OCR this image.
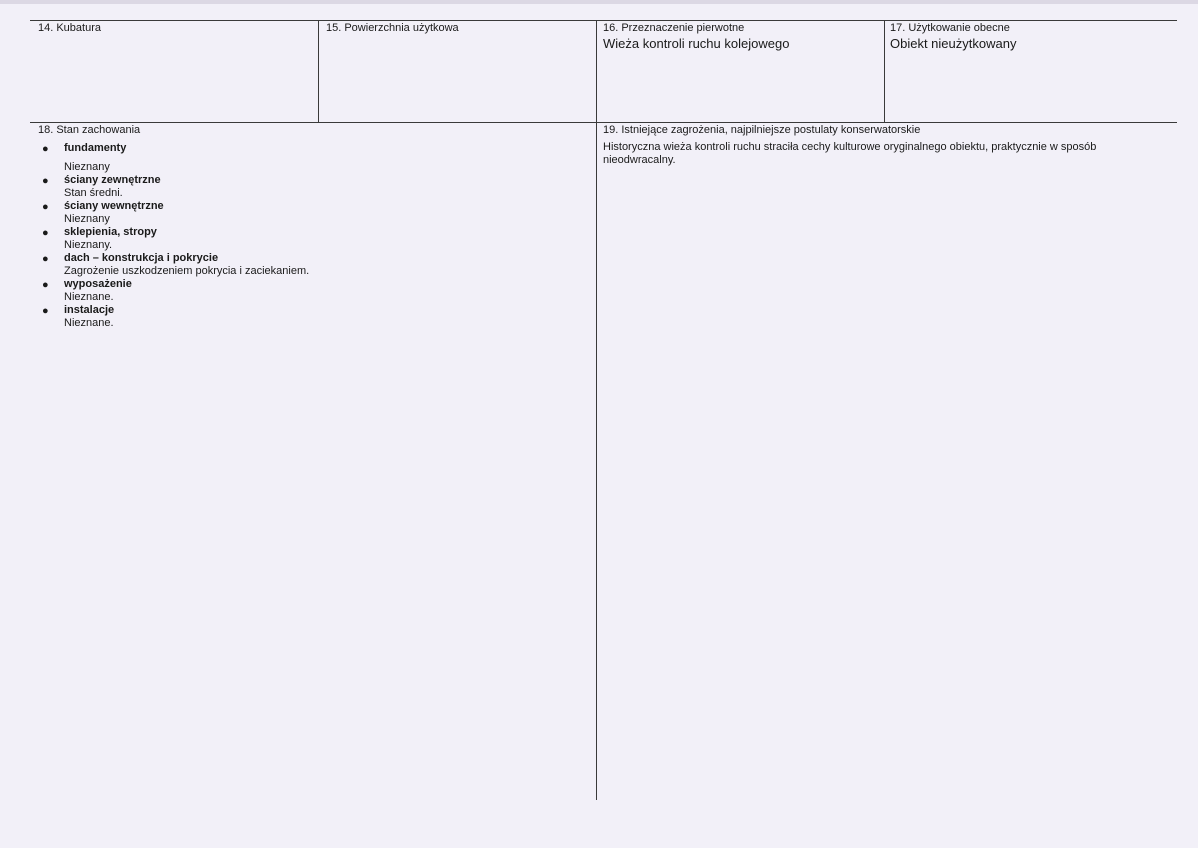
14. Kubatura	15. Powierzchnia użytkowa	16. Przeznaczenie pierwotne
Wieża kontroli ruchu kolejowego
17. Użytkowanie obecne
Obiekt nieużytkowany
18. Stan zachowania
● fundamenty
Nieznany
● ściany zewnętrzne
Stan średni.
● ściany wewnętrzne
Nieznany
● sklepienia, stropy
Nieznany.
● dach – konstrukcja i pokrycie
Zagrożenie uszkodzeniem pokrycia i zaciekaniem.
● wyposażenie
Nieznane.
● instalacje
Nieznane.
19. Istniejące zagrożenia, najpilniejsze postulaty konserwatorskie
Historyczna wieża kontroli ruchu straciła cechy kulturowe oryginalnego obiektu, praktycznie w sposób nieodwracalny.
